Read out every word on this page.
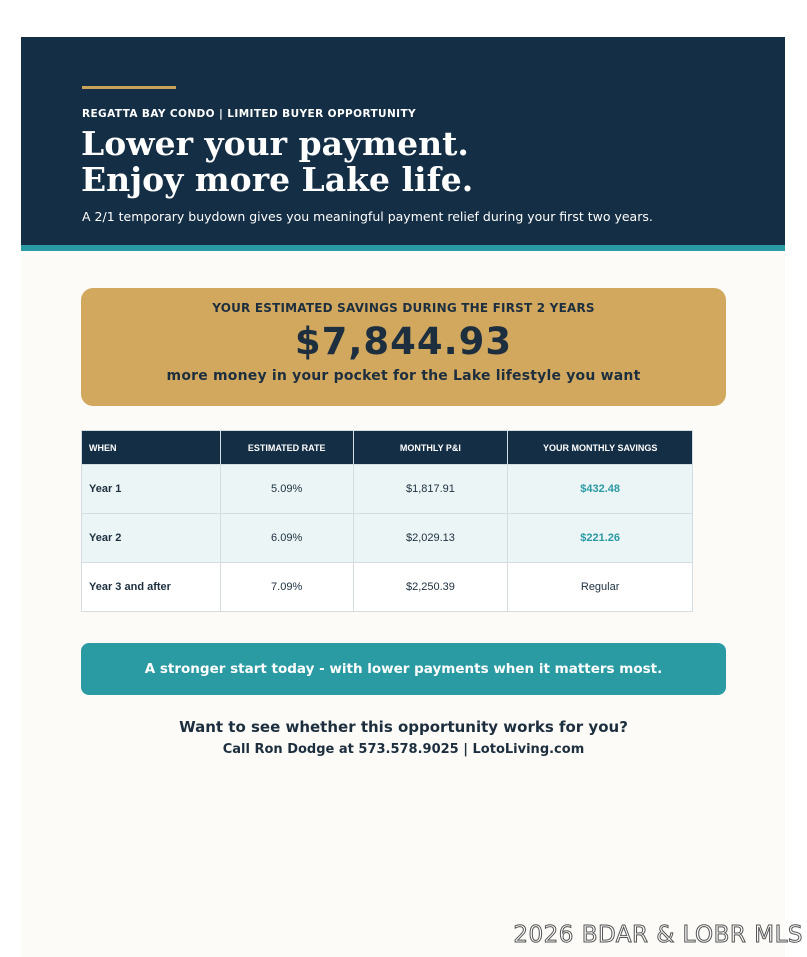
REGATTA BAY CONDO | LIMITED BUYER OPPORTUNITY
Lower your payment.
Enjoy more Lake life.
A 2/1 temporary buydown gives you meaningful payment relief during your first two years.
YOUR ESTIMATED SAVINGS DURING THE FIRST 2 YEARS
$7,844.93
more money in your pocket for the Lake lifestyle you want
WHEN	ESTIMATED RATE	MONTHLY P&I	YOUR MONTHLY SAVINGS
Year 1	5.09%	$1,817.91	$432.48
Year 2	6.09%	$2,029.13	$221.26
Year 3 and after	7.09%	$2,250.39	Regular
A stronger start today - with lower payments when it matters most.
Want to see whether this opportunity works for you?
Call Ron Dodge at 573.578.9025 | LotoLiving.com
2026 BDAR & LOBR MLS
